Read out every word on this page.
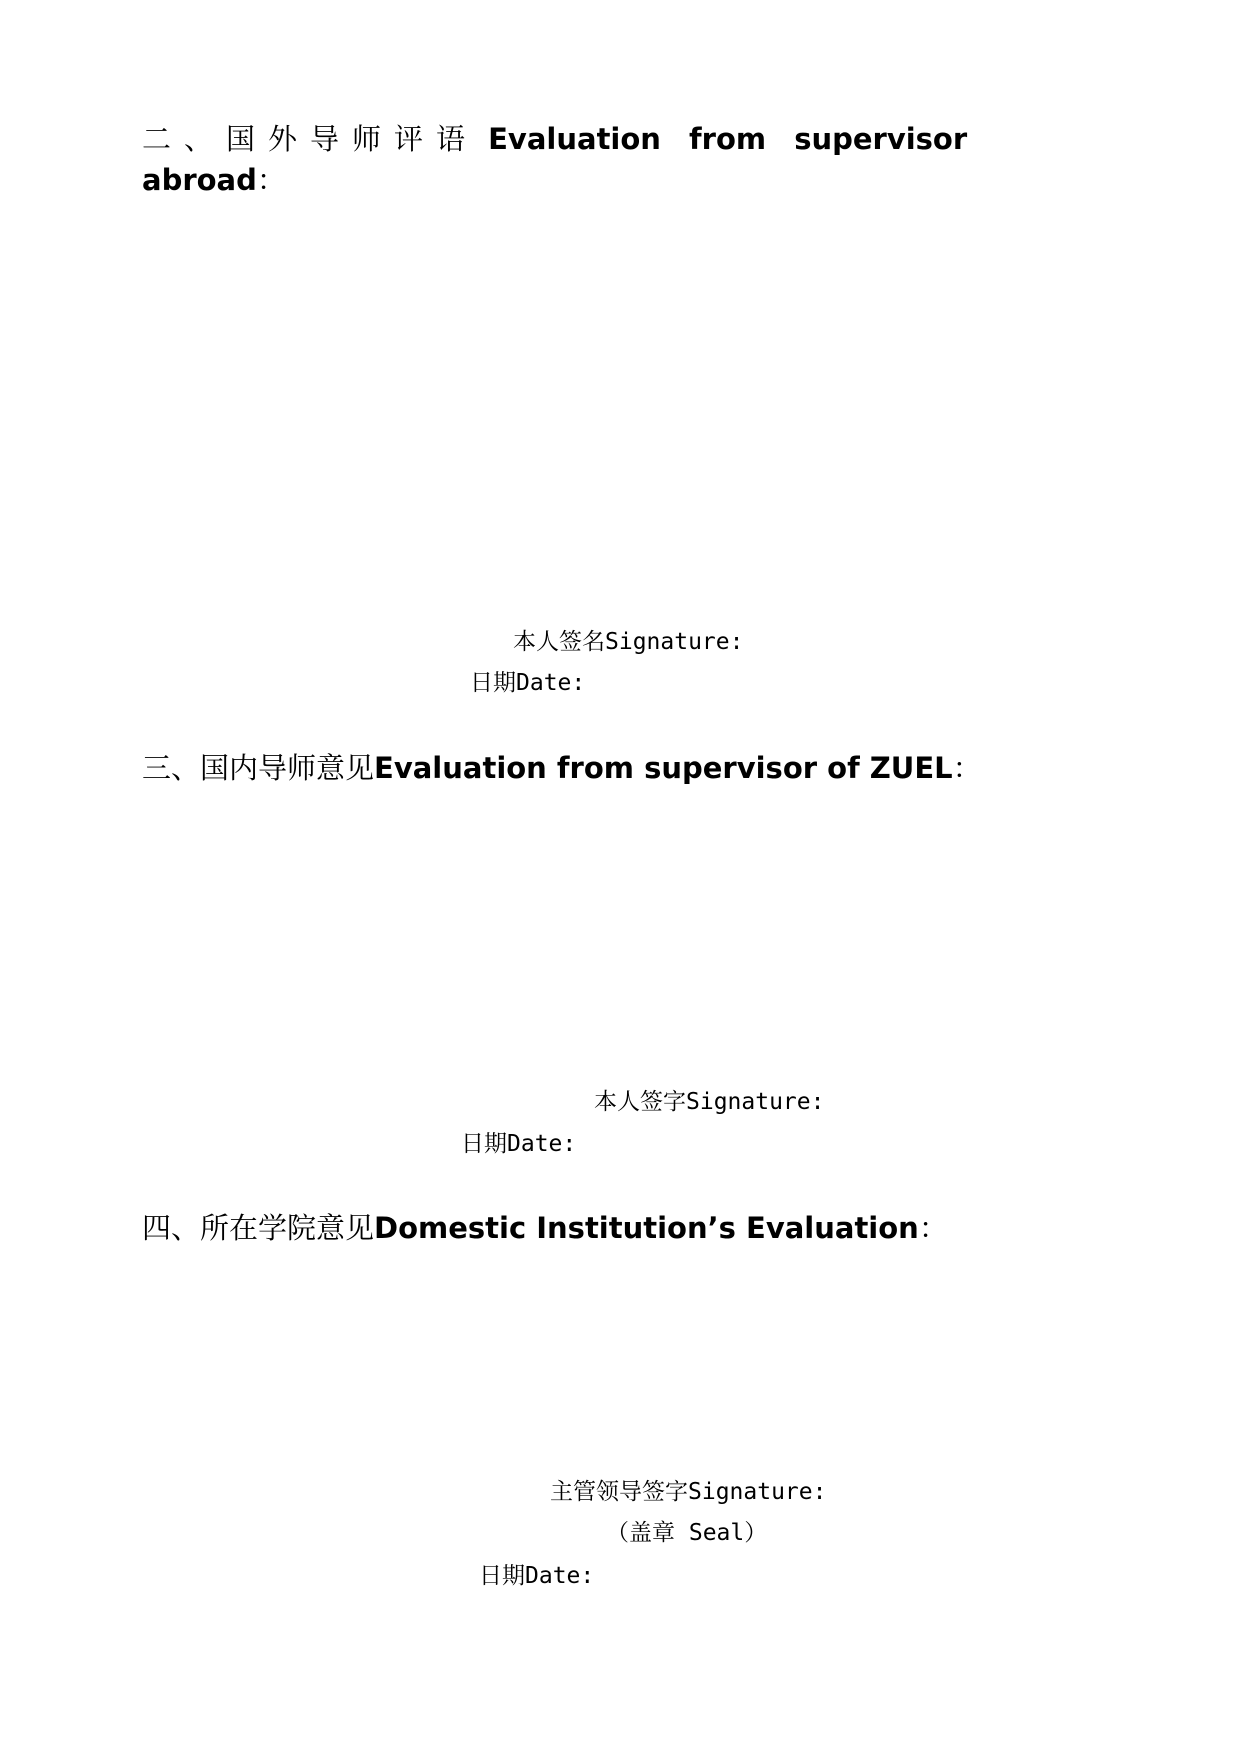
二、国外导师评语 Evaluation from supervisor
abroad：
本人签名Signature:
日期Date:
三、国内导师意见Evaluation from supervisor of ZUEL：
本人签字Signature:
日期Date:
四、所在学院意见Domestic Institution’s Evaluation：
主管领导签字Signature:
（盖章 Seal）
日期Date:
